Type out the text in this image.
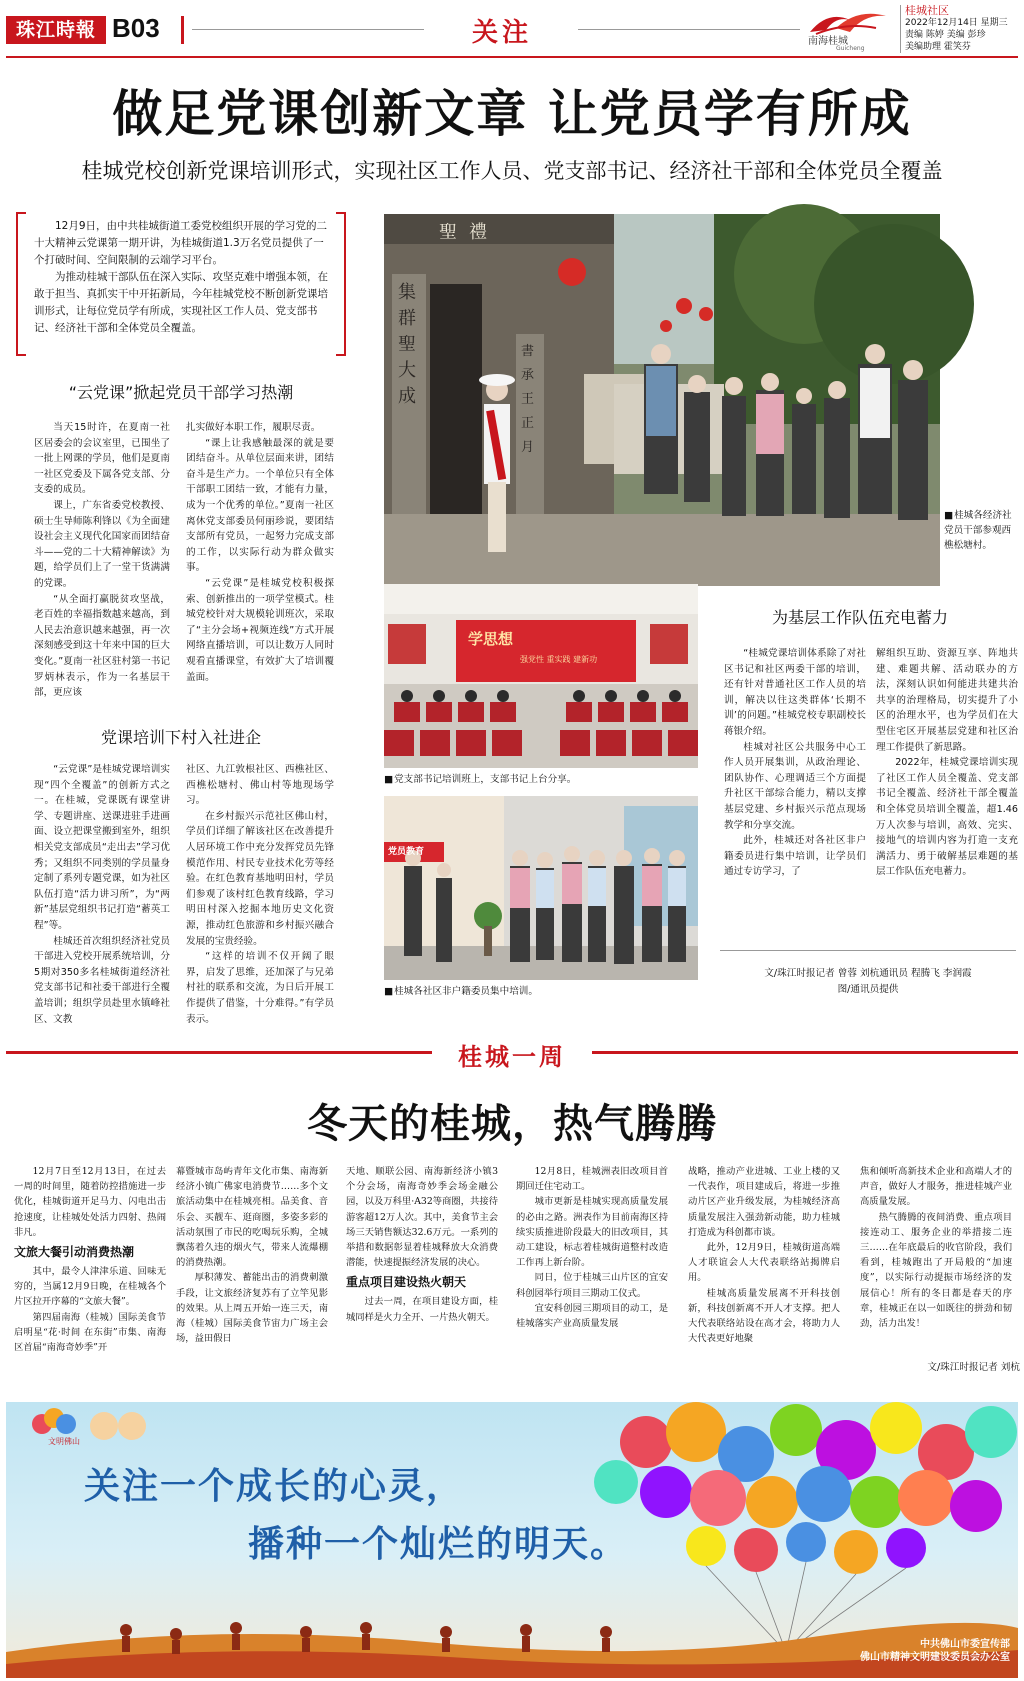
珠江時報 B03	关注	南海桂城
Guicheng
桂城社区
2022年12月14日 星期三
责编 陈婷 美编 彭珍
美编助理 霍笑芬
做足党课创新文章 让党员学有所成
桂城党校创新党课培训形式，实现社区工作人员、党支部书记、经济社干部和全体党员全覆盖

12月9日，由中共桂城街道工委党校组织开展的学习党的二十大精神云党课第一期开讲，为桂城街道1.3万名党员提供了一个打破时间、空间限制的云端学习平台。

为推动桂城干部队伍在深入实际、攻坚克难中增强本领，在敢于担当、真抓实干中开拓新局，今年桂城党校不断创新党课培训形式，让每位党员学有所成，实现社区工作人员、党支部书记、经济社干部和全体党员全覆盖。

“云党课”掀起党员干部学习热潮

当天15时许，在夏南一社区居委会的会议室里，已围坐了一批上网课的学员，他们是夏南一社区党委及下属各党支部、分支委的成员。

课上，广东省委党校教授、硕士生导师陈利锋以《为全面建设社会主义现代化国家而团结奋斗——党的二十大精神解读》为题，给学员们上了一堂干货满满的党课。

“从全面打赢脱贫攻坚战，老百姓的幸福指数越来越高，到人民去治意识越来越强，再一次深刻感受到这十年来中国的巨大变化。”夏南一社区驻村第一书记罗炳林表示，作为一名基层干部，更应该

扎实做好本职工作，履职尽责。

“课上让我感触最深的就是要团结奋斗。从单位层面来讲，团结奋斗是生产力。一个单位只有全体干部职工团结一致，才能有力量，成为一个优秀的单位。”夏南一社区离休党支部委员何丽珍说，要团结支部所有党员，一起努力完成支部的工作，以实际行动为群众做实事。

“云党课”是桂城党校积极探索、创新推出的一项学堂模式。桂城党校针对大规模轮训班次，采取了“主分会场+视频连线”方式开展网络直播培训，可以让数万人同时观看直播课堂，有效扩大了培训覆盖面。

党课培训下村入社进企

“云党课”是桂城党课培训实现“四个全覆盖”的创新方式之一。在桂城，党课既有课堂讲学、专题讲座、送课进驻手进画面、设立把课堂搬到室外，组织相关党支部成员“走出去”学习优秀；又组织不同类别的学员量身定制了系列专题党课，如为社区队伍打造“活力讲习所”，为“两新”基层党组织书记打造“蓄英工程”等。

桂城还首次组织经济社党员干部进入党校开展系统培训，分5期对350多名桂城街道经济社党支部书记和社委干部进行全覆盖培训；组织学员赴里水镇峰社区、文教

社区、九江敦根社区、西樵社区、西樵松塘村、佛山村等地现场学习。

在乡村振兴示范社区佛山村，学员们详细了解该社区在改善提升人居环境工作中充分发挥党员先锋模范作用、村民专业技术化劳等经验。在红色教育基地明田村，学员们参观了该村红色教育线路，学习明田村深入挖掘本地历史文化资源，推动红色旅游和乡村振兴融合发展的宝贵经验。

“这样的培训不仅开阔了眼界，启发了思维，还加深了与兄弟村社的联系和交流，为日后开展工作提供了借鉴，十分难得。”有学员表示。

聖禮
集群聖大成
書承王正月
■ 桂城各经济社党员干部参观西樵松塘村。
学思想
强党性 重实践 建新功
■ 党支部书记培训班上，支部书记上台分享。
党员教育
■ 桂城各社区非户籍委员集中培训。
为基层工作队伍充电蓄力

“桂城党课培训体系除了对社区书记和社区两委干部的培训，还有针对普通社区工作人员的培训，解决以往这类群体‘长期不训’的问题。”桂城党校专职副校长蒋银介绍。

桂城对社区公共服务中心工作人员开展集训，从政治理论、团队协作、心理调适三个方面提升社区干部综合能力，精以支撑基层党建、乡村振兴示范点现场教学和分享交流。

此外，桂城还对各社区非户籍委员进行集中培训，让学员们通过专访学习，了

解组织互助、资源互享、阵地共建、难题共解、活动联办的方法，深刻认识如何能进共建共治共享的治理格局，切实提升了小区的治理水平，也为学员们在大型住宅区开展基层党建和社区治理工作提供了新思路。

2022年，桂城党课培训实现了社区工作人员全覆盖、党支部书记全覆盖、经济社干部全覆盖和全体党员培训全覆盖，超1.46万人次参与培训，高效、完实、接地气的培训内容为打造一支充满活力、勇于破解基层难题的基层工作队伍充电蓄力。

文/珠江时报记者 曾蓉 刘杭通讯员 程腾飞 李润霞
图/通讯员提供
桂城一周
冬天的桂城，热气腾腾

12月7日至12月13日，在过去一周的时间里，随着防控措施进一步优化，桂城街道开足马力、闪电出击抢速度，让桂城处处活力四射、热闹非凡。

文旅大餐引动消费热潮

其中，最令人津津乐道、回味无穷的，当属12月9日晚，在桂城各个片区拉开序幕的“文旅大餐”。

第四届南海（桂城）国际美食节启明星“花·时间 在东街”市集、南海区首届“南海奇妙季”开

幕暨城市岛屿青年文化市集、南海新经济小镇广佛家电消费节……多个文旅活动集中在桂城亮相。品美食、音乐会、买靓车、逛商圈，多姿多彩的活动氛围了市民的吃喝玩乐购，全城飘荡着久违的烟火气，带来人流爆棚的消费热潮。

厚积薄发、蓄能出击的消费刺激手段，让文旅经济复苏有了立竿见影的效果。从上周五开始一连三天，南海（桂城）国际美食节宙力广场主会场，益田假日

天地、顺联公园、南海新经济小镇3个分会场，南海奇妙季会场金融公园，以及万科里·A32等商圈，共接待游客超12万人次。其中，美食节主会场三天销售额达32.6万元。一系列的举措和数据彰显着桂城释放大众消费潜能，快速提振经济发展的决心。

重点项目建设热火朝天

过去一周，在项目建设方面，桂城同样是火力全开、一片热火朝天。

12月8日，桂城洲表旧改项目首期回迁住宅动工。

城市更新是桂城实现高质量发展的必由之路。洲表作为目前南海区持续实质推进阶段最大的旧改项目，其动工建设，标志着桂城街道整村改造工作再上新台阶。

同日，位于桂城三山片区的宜安科创园举行项目三期动工仪式。

宜安科创园三期项目的动工，是桂城落实产业高质量发展

战略，推动产业进城、工业上楼的又一代表作，项目建成后，将进一步推动片区产业升级发展，为桂城经济高质量发展注入强劲新动能，助力桂城打造成为科创都市谈。

此外，12月9日，桂城街道高端人才联谊会人大代表联络站揭牌启用。

桂城高质量发展离不开科技创新，科技创新离不开人才支撑。把人大代表联络站设在高才会，将助力人大代表更好地聚

焦和倾听高新技术企业和高端人才的声音，做好人才服务，推进桂城产业高质量发展。

热气腾腾的夜间消费、重点项目接连动工、服务企业的举措接二连三……在年底最后的收官阶段，我们看到，桂城跑出了开局般的“加速度”，以实际行动提振市场经济的发展信心！所有的冬日都是春天的序章，桂城正在以一如既往的拼劲和韧劲，活力出发！

文/珠江时报记者 刘杭
文明佛山
关注一个成长的心灵，
播种一个灿烂的明天。
中共佛山市委宣传部
佛山市精神文明建设委员会办公室
